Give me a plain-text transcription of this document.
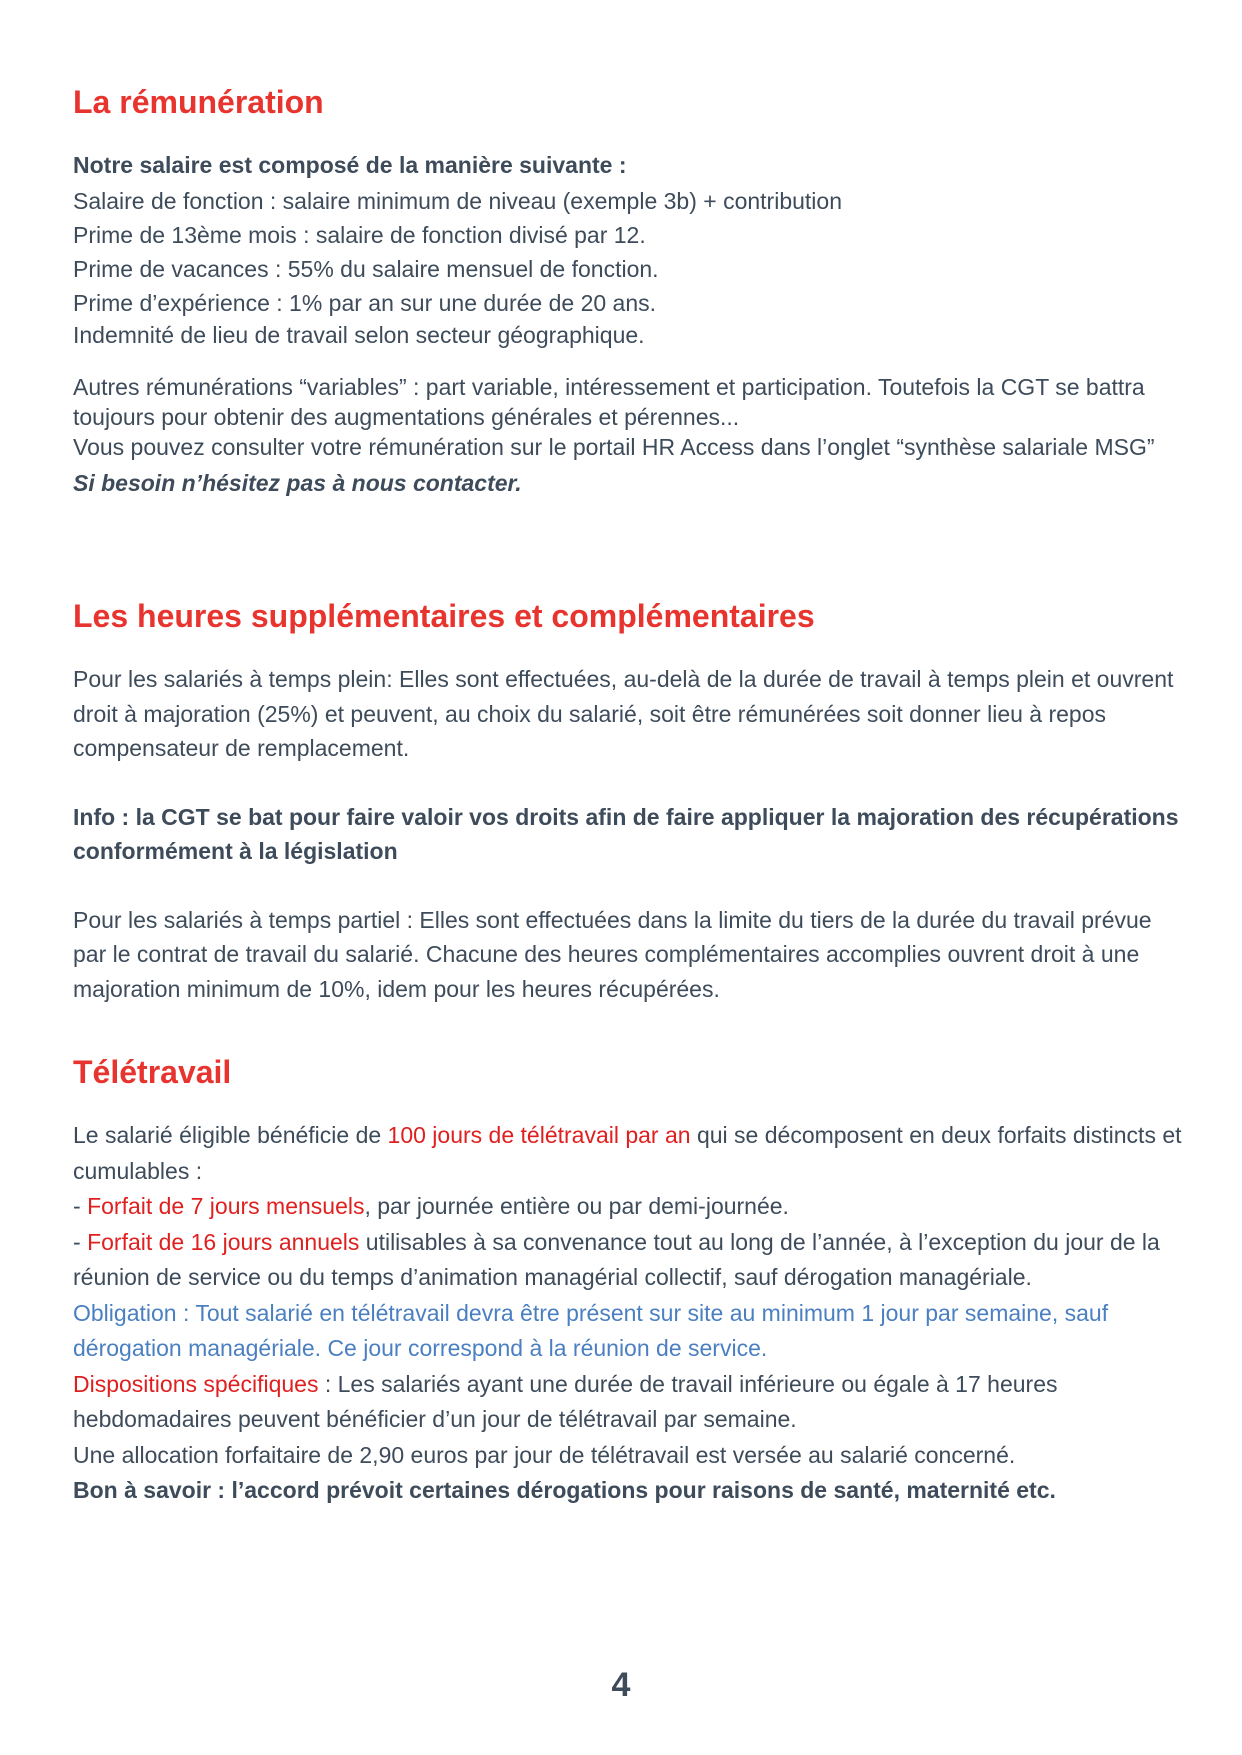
La rémunération

Notre salaire est composé de la manière suivante :

Salaire de fonction : salaire minimum de niveau (exemple 3b) + contribution

Prime de 13ème mois : salaire de fonction divisé par 12.

Prime de vacances : 55% du salaire mensuel de fonction.

Prime d’expérience : 1% par an sur une durée de 20 ans.

Indemnité de lieu de travail selon secteur géographique.

Autres rémunérations “variables” : part variable, intéressement et participation. Toutefois la CGT se battra toujours pour obtenir des augmentations générales et pérennes...

Vous pouvez consulter votre rémunération sur le portail HR Access dans l’onglet “synthèse salariale MSG”

Si besoin n’hésitez pas à nous contacter.

Les heures supplémentaires et complémentaires

Pour les salariés à temps plein: Elles sont effectuées, au-delà de la durée de travail à temps plein et ouvrent droit à majoration (25%) et peuvent, au choix du salarié, soit être rémunérées soit donner lieu à repos compensateur de remplacement.

Info : la CGT se bat pour faire valoir vos droits afin de faire appliquer la majoration des récupérations conformément à la législation

Pour les salariés à temps partiel : Elles sont effectuées dans la limite du tiers de la durée du travail prévue par le contrat de travail du salarié. Chacune des heures complémentaires accomplies ouvrent droit à une majoration minimum de 10%, idem pour les heures récupérées.

Télétravail

Le salarié éligible bénéficie de 100 jours de télétravail par an qui se décomposent en deux forfaits distincts et cumulables :

- Forfait de 7 jours mensuels, par journée entière ou par demi-journée.

- Forfait de 16 jours annuels utilisables à sa convenance tout au long de l’année, à l’exception du jour de la réunion de service ou du temps d’animation managérial collectif, sauf dérogation managériale.

Obligation : Tout salarié en télétravail devra être présent sur site au minimum 1 jour par semaine, sauf dérogation managériale. Ce jour correspond à la réunion de service.

Dispositions spécifiques : Les salariés ayant une durée de travail inférieure ou égale à 17 heures hebdomadaires peuvent bénéficier d’un jour de télétravail par semaine.

Une allocation forfaitaire de 2,90 euros par jour de télétravail est versée au salarié concerné.

Bon à savoir : l’accord prévoit certaines dérogations pour raisons de santé, maternité etc.

4
